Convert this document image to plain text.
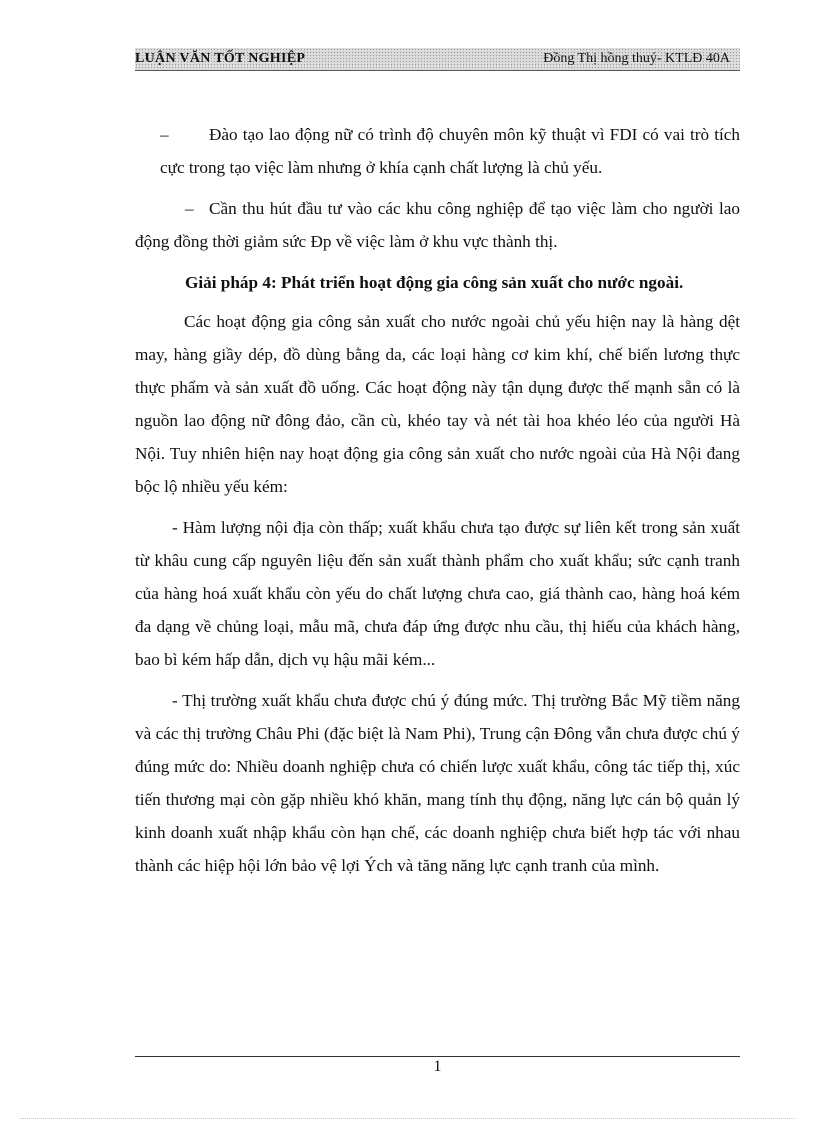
LUẬN VĂN TỐT NGHIỆP	Đồng Thị hồng thuý- KTLĐ 40A

– Đào tạo lao động nữ có trình độ chuyên môn kỹ thuật vì FDI có vai trò tích cực trong tạo việc làm nhưng ở khía cạnh chất lượng là chủ yếu.

– Cần thu hút đầu tư vào các khu công nghiệp để tạo việc làm cho người lao động đồng thời giảm sức Ðp về việc làm ở khu vực thành thị.

Giải pháp 4: Phát triển hoạt động gia công sản xuất cho nước ngoài.

Các hoạt động gia công sản xuất cho nước ngoài chủ yếu hiện nay là hàng dệt may, hàng giầy dép, đồ dùng bằng da, các loại hàng cơ kim khí, chế biến lương thực thực phẩm và sản xuất đồ uống. Các hoạt động này tận dụng được thế mạnh sẵn có là nguồn lao động nữ đông đảo, cần cù, khéo tay và nét tài hoa khéo léo của người Hà Nội. Tuy nhiên hiện nay hoạt động gia công sản xuất cho nước ngoài của Hà Nội đang bộc lộ nhiều yếu kém:

- Hàm lượng nội địa còn thấp; xuất khẩu chưa tạo được sự liên kết trong sản xuất từ khâu cung cấp nguyên liệu đến sản xuất thành phẩm cho xuất khẩu; sức cạnh tranh của hàng hoá xuất khẩu còn yếu do chất lượng chưa cao, giá thành cao, hàng hoá kém đa dạng về chủng loại, mẫu mã, chưa đáp ứng được nhu cầu, thị hiếu của khách hàng, bao bì kém hấp dẫn, dịch vụ hậu mãi kém...

- Thị trường xuất khẩu chưa được chú ý đúng mức. Thị trường Bắc Mỹ tiềm năng và các thị trường Châu Phi (đặc biệt là Nam Phi), Trung cận Đông vẫn chưa được chú ý đúng mức do: Nhiều doanh nghiệp chưa có chiến lược xuất khẩu, công tác tiếp thị, xúc tiến thương mại còn gặp nhiều khó khăn, mang tính thụ động, năng lực cán bộ quản lý kinh doanh xuất nhập khẩu còn hạn chế, các doanh nghiệp chưa biết hợp tác với nhau thành các hiệp hội lớn bảo vệ lợi Ých và tăng năng lực cạnh tranh của mình.

1
